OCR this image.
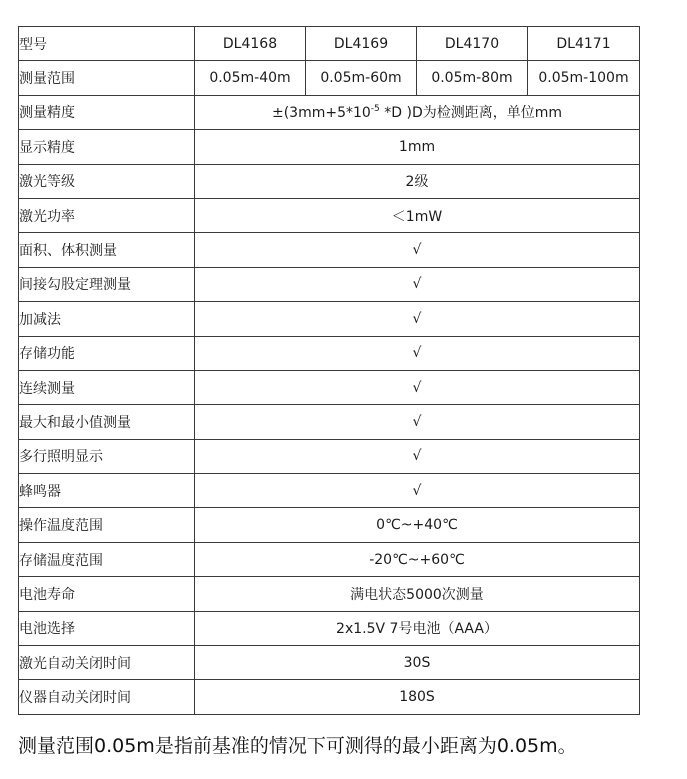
型号	DL4168	DL4169	DL4170	DL4171
测量范围	0.05m-40m	0.05m-60m	0.05m-80m	0.05m-100m
测量精度	$\pm(3mm+5*10^{-5}$ *D )D为检测距离，单位mm			
显示精度	1mm			
激光等级	2级			
激光功率	＜1mW			
面积、体积测量	√			
间接勾股定理测量	√			
加减法	√			
存储功能	√			
连续测量	√			
最大和最小值测量	√			
多行照明显示	√			
蜂鸣器	√			
操作温度范围	0℃~+40℃			
存储温度范围	-20℃~+60℃			
电池寿命	满电状态5000次测量			
电池选择	2x1.5V 7号电池（AAA）			
激光自动关闭时间	30S			
仪器自动关闭时间	180S			
测量范围0.05m是指前基准的情况下可测得的最小距离为0.05m。
